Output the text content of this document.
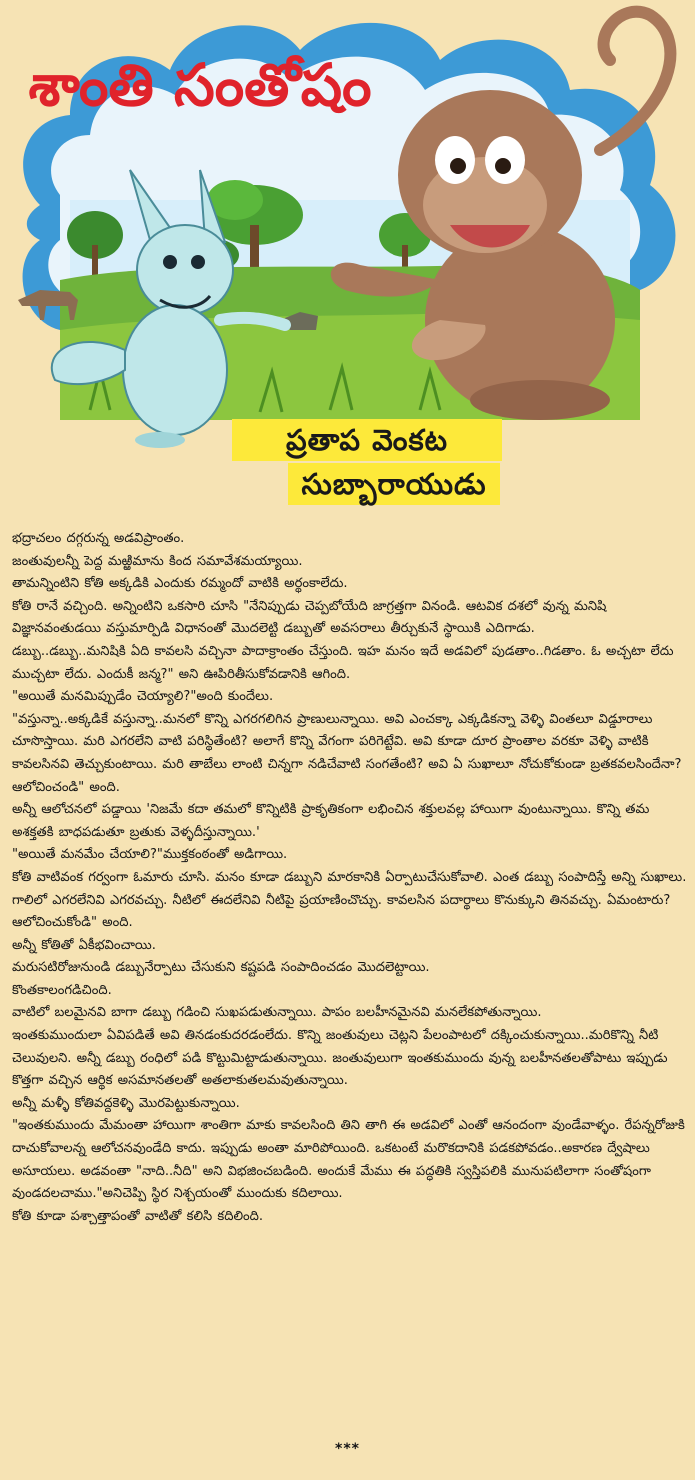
శాంతి సంతోషం
ప్రతాప వెంకట
సుబ్బారాయుడు

భద్రాచలం దగ్గరున్న అడవిప్రాంతం.

జంతువులన్నీ పెద్ద మఱ్ఱిమాను కింద సమావేశమయ్యాయి.

తామన్నింటిని కోతి అక్కడికి ఎందుకు రమ్మందో వాటికి అర్థంకాలేదు.

కోతి రానే వచ్చింది. అన్నింటిని ఒకసారి చూసి "నేనిప్పుడు చెప్పబోయేది జాగ్రత్తగా వినండి. ఆటవిక దశలో వున్న మనిషి విజ్ఞానవంతుడయి వస్తుమార్పిడి విధానంతో మొదలెట్టి డబ్బుతో అవసరాలు తీర్చుకునే స్థాయికి ఎదిగాడు.

డబ్బు..డబ్బు..మనిషికి ఏది కావలసి వచ్చినా పాదాక్రాంతం చేస్తుంది. ఇహ మనం ఇదే అడవిలో పుడతాం..గిడతాం. ఓ అచ్చటా లేదు ముచ్చటా లేదు. ఎందుకీ జన్మ?" అని ఊపిరితీసుకోవడానికి ఆగింది.

"అయితే మనమిప్పుడేం చెయ్యాలి?"అంది కుందేలు.

"వస్తున్నా..అక్కడికే వస్తున్నా..మనలో కొన్ని ఎగరగలిగిన ప్రాణులున్నాయి. అవి ఎంచక్కా ఎక్కడికన్నా వెళ్ళి వింతలూ విడ్డూరాలు చూసొస్తాయి. మరి ఎగరలేని వాటి పరిస్థితేంటి? అలాగే కొన్ని వేగంగా పరిగెట్టేవి. అవి కూడా దూర ప్రాంతాల వరకూ వెళ్ళి వాటికి కావలసినవి తెచ్చుకుంటాయి. మరి తాబేలు లాంటి చిన్నగా నడిచేవాటి సంగతేంటి? అవి ఏ సుఖాలూ నోచుకోకుండా బ్రతకవలసిందేనా? ఆలోచించండి" అంది.

అన్నీ ఆలోచనలో పడ్డాయి 'నిజమే కదా తమలో కొన్నిటికి ప్రాకృతికంగా లభించిన శక్తులవల్ల హాయిగా వుంటున్నాయి. కొన్ని తమ అశక్తతకి బాధపడుతూ బ్రతుకు వెళ్ళదీస్తున్నాయి.'

"అయితే మనమేం చేయాలి?"ముక్తకంఠంతో అడిగాయి.

కోతి వాటివంక గర్వంగా ఓమారు చూసి. మనం కూడా డబ్బుని మారకానికి ఏర్పాటుచేసుకోవాలి. ఎంత డబ్బు సంపాదిస్తే అన్ని సుఖాలు. గాలిలో ఎగరలేనివి ఎగరవచ్చు. నీటిలో ఈదలేనివి నీటిపై ప్రయాణించొచ్చు. కావలసిన పదార్థాలు కొనుక్కుని తినవచ్చు. ఏమంటారు? ఆలోచించుకోండి" అంది.

అన్నీ కోతితో ఏకీభవించాయి.

మరుసటిరోజునుండి డబ్బునేర్పాటు చేసుకుని కష్టపడి సంపాదించడం మొదలెట్టాయి.

కొంతకాలంగడిచింది.

వాటిలో బలమైనవి బాగా డబ్బు గడించి సుఖపడుతున్నాయి. పాపం బలహీనమైనవి మనలేకపోతున్నాయి.

ఇంతకుముందులా ఏవిపడితే అవి తినడంకుదరడంలేదు. కొన్ని జంతువులు చెట్లని పేలంపాటలో దక్కించుకున్నాయి..మరికొన్ని నీటి చెలువులని. అన్నీ డబ్బు రంధిలో పడి కొట్టుమిట్టాడుతున్నాయి. జంతువులుగా ఇంతకుముందు వున్న బలహీనతలతోపాటు ఇప్పుడు కొత్తగా వచ్చిన ఆర్థిక అసమానతలతో అతలాకుతలమవుతున్నాయి.

అన్నీ మళ్ళీ కోతివద్దకెళ్ళి మొరపెట్టుకున్నాయి.

"ఇంతకుముందు మేమంతా హాయిగా శాంతిగా మాకు కావలసింది తిని తాగి ఈ అడవిలో ఎంతో ఆనందంగా వుండేవాళ్ళం. రేపన్నరోజుకి దాచుకోవాలన్న ఆలోచనవుండేది కాదు. ఇప్పుడు అంతా మారిపోయింది. ఒకటంటే మరొకదానికి పడకపోవడం..అకారణ ద్వేషాలు అసూయలు. అడవంతా "నాది..నీది" అని విభజించబడింది. అందుకే మేము ఈ పద్ధతికి స్వస్తిపలికి మునుపటిలాగా సంతోషంగా వుండదలచాము."అనిచెప్పి స్థిర నిశ్చయంతో ముందుకు కదిలాయి.

కోతి కూడా పశ్చాత్తాపంతో వాటితో కలిసి కదిలింది.

***
